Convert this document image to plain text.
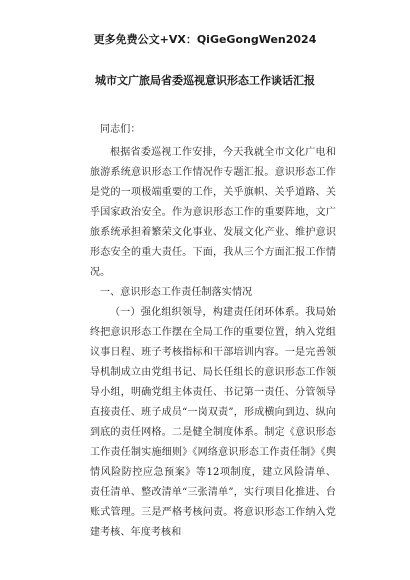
更多免费公文+VX：QiGeGongWen2024
城市文广旅局省委巡视意识形态工作谈话汇报

同志们：

根据省委巡视工作安排，今天我就全市文化广电和旅游系统意识形态工作情况作专题汇报。意识形态工作是党的一项极端重要的工作，关乎旗帜、关乎道路、关乎国家政治安全。作为意识形态工作的重要阵地，文广旅系统承担着繁荣文化事业、发展文化产业、维护意识形态安全的重大责任。下面，我从三个方面汇报工作情况。

一、意识形态工作责任制落实情况

（一）强化组织领导，构建责任闭环体系。我局始终把意识形态工作摆在全局工作的重要位置，纳入党组议事日程、班子考核指标和干部培训内容。一是完善领导机制成立由党组书记、局长任组长的意识形态工作领导小组，明确党组主体责任、书记第一责任、分管领导直接责任、班子成员“一岗双责”，形成横向到边、纵向到底的责任网格。二是健全制度体系。制定《意识形态工作责任制实施细则》《网络意识形态工作责任制》《舆情风险防控应急预案》等12项制度，建立风险清单、责任清单、整改清单“三张清单”，实行项目化推进、台账式管理。三是严格考核问责。将意识形态工作纳入党建考核、年度考核和
